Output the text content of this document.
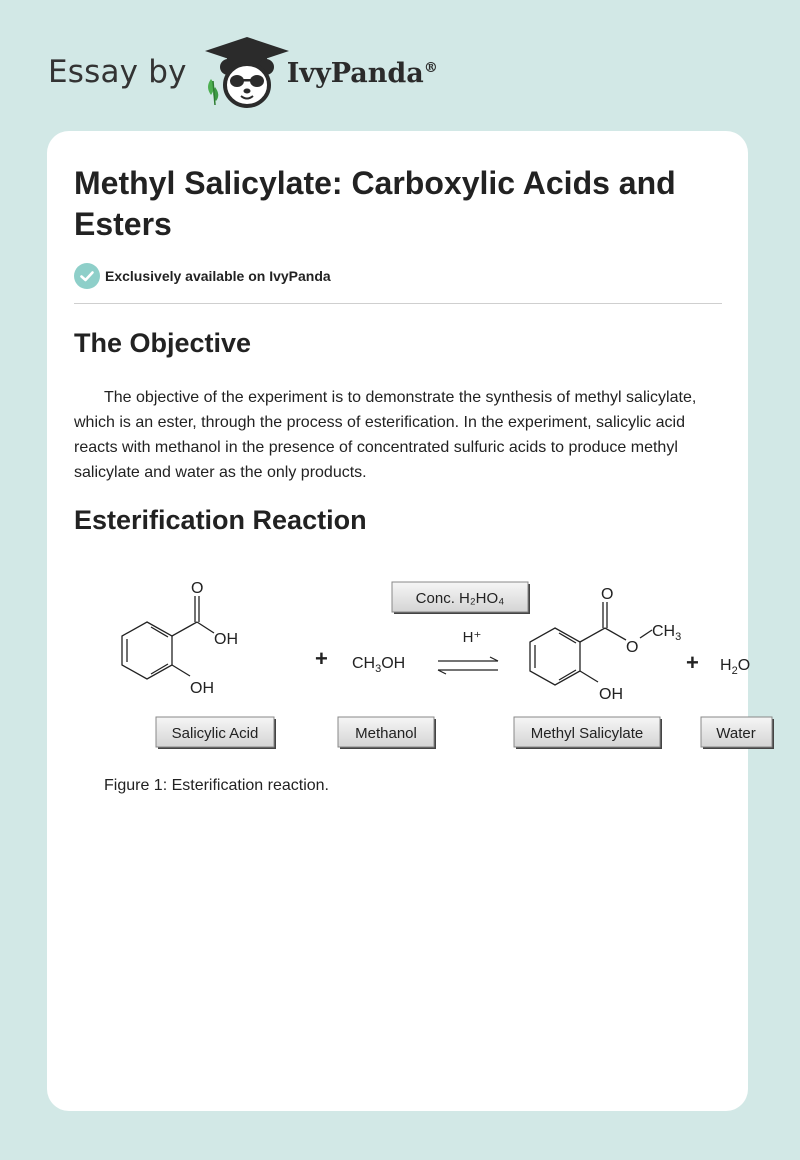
Essay by	IvyPanda®
Methyl Salicylate: Carboxylic Acids and Esters
Exclusively available on IvyPanda
The Objective

The objective of the experiment is to demonstrate the synthesis of methyl salicylate, which is an ester, through the process of esterification. In the experiment, salicylic acid reacts with methanol in the presence of concentrated sulfuric acids to produce methyl salicylate and water as the only products.

Esterification Reaction
O
OH
OH
+ $CH_3OH$
Conc. H₂HO₄
H⁺
O
O
$CH_3$
OH
+ $H_2O$
Salicylic Acid	Methanol	Methyl Salicylate	Water
Figure 1: Esterification reaction.
